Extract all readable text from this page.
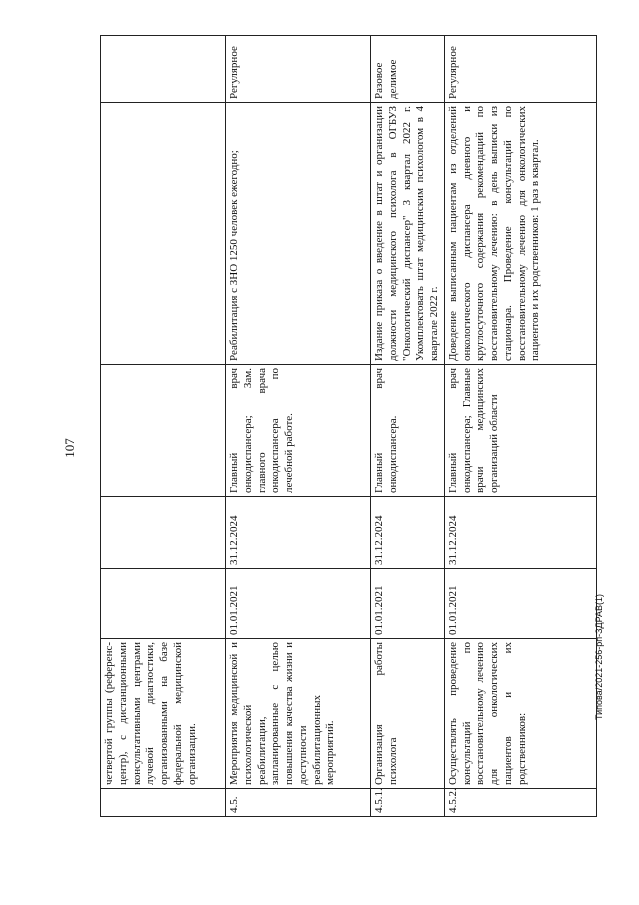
107
	четвертой группы (референс-центр), с дистанционными консультативными центрами лучевой диагностики, организованными на базе федеральной медицинской организации.					
4.5.	Мероприятия медицинской и психологической реабилитации, запланированные с целью повышения качества жизни и доступности реабилитационных мероприятий.	01.01.2021	31.12.2024	Главный врач онкодиспансера; Зам. главного врача онкодиспансера по лечебной работе.	Реабилитация с ЗНО 1250 человек ежегодно;	Регулярное
4.5.1.	Организация работы психолога	01.01.2021	31.12.2024	Главный врач онкодиспансера.	Издание приказа о введение в штат и организации должности медицинского психолога в ОГБУЗ "Онкологический диспансер" 3 квартал 2022 г. Укомплектовать штат медицинским психологом в 4 квартале 2022 г.	Разовое делимое
4.5.2.	Осуществлять проведение консультаций по восстановительному лечению для онкологических пациентов и их родственников:	01.01.2021	31.12.2024	Главный врач онкодиспансера; Главные врачи медицинских организаций области	Доведение выписанным пациентам из отделений онкологического диспансера дневного и круглосуточного содержания рекомендаций по восстановительному лечению: в день выписки из стационара. Проведение консультаций по восстановительному лечению для онкологических пациентов и их родственников: 1 раз в квартал.	Регулярное
Типова/2021-256-рп-ЗДРАВ(1)
